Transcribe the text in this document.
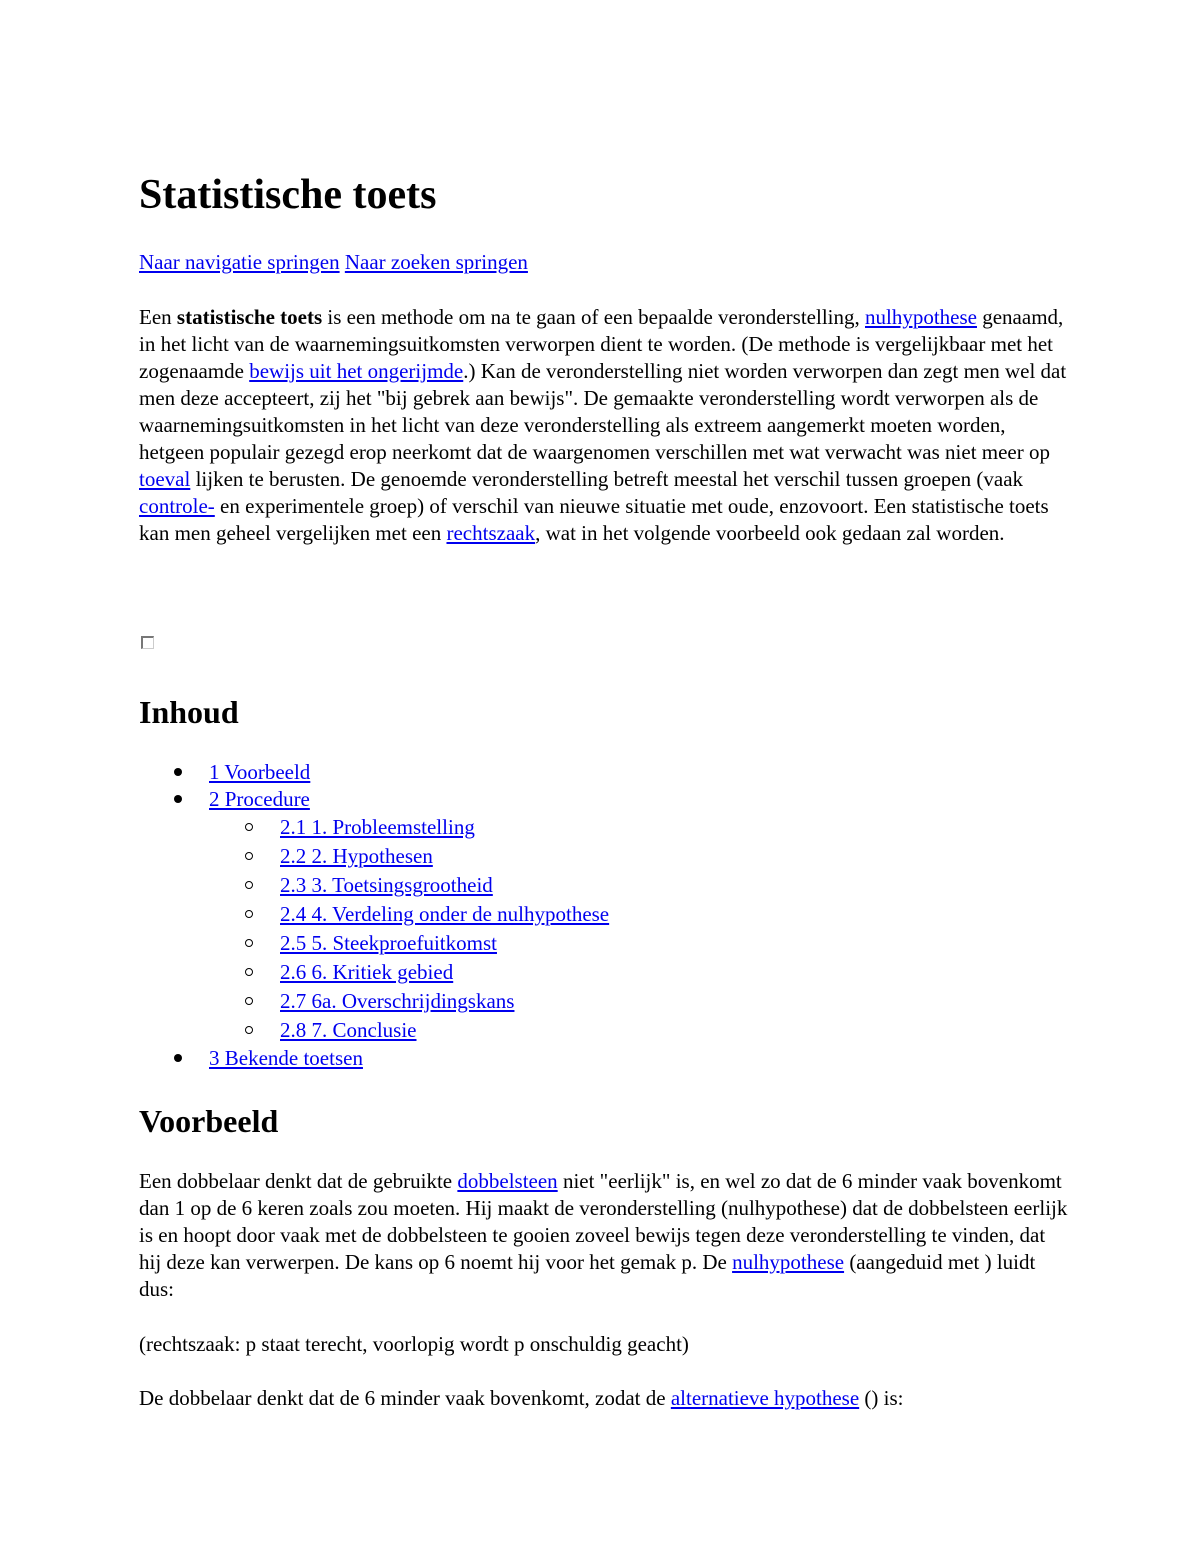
Statistische toets

Naar navigatie springen Naar zoeken springen

Een statistische toets is een methode om na te gaan of een bepaalde veronderstelling, nulhypothese genaamd, in het licht van de waarnemingsuitkomsten verworpen dient te worden. (De methode is vergelijkbaar met het zogenaamde bewijs uit het ongerijmde.) Kan de veronderstelling niet worden verworpen dan zegt men wel dat men deze accepteert, zij het "bij gebrek aan bewijs". De gemaakte veronderstelling wordt verworpen als de waarnemingsuitkomsten in het licht van deze veronderstelling als extreem aangemerkt moeten worden, hetgeen populair gezegd erop neerkomt dat de waargenomen verschillen met wat verwacht was niet meer op toeval lijken te berusten. De genoemde veronderstelling betreft meestal het verschil tussen groepen (vaak controle- en experimentele groep) of verschil van nieuwe situatie met oude, enzovoort. Een statistische toets kan men geheel vergelijken met een rechtszaak, wat in het volgende voorbeeld ook gedaan zal worden.

Inhoud
1 Voorbeeld
2 Procedure
2.1 1. Probleemstelling
2.2 2. Hypothesen
2.3 3. Toetsingsgrootheid
2.4 4. Verdeling onder de nulhypothese
2.5 5. Steekproefuitkomst
2.6 6. Kritiek gebied
2.7 6a. Overschrijdingskans
2.8 7. Conclusie
3 Bekende toetsen
Voorbeeld

Een dobbelaar denkt dat de gebruikte dobbelsteen niet "eerlijk" is, en wel zo dat de 6 minder vaak bovenkomt dan 1 op de 6 keren zoals zou moeten. Hij maakt de veronderstelling (nulhypothese) dat de dobbelsteen eerlijk is en hoopt door vaak met de dobbelsteen te gooien zoveel bewijs tegen deze veronderstelling te vinden, dat hij deze kan verwerpen. De kans op 6 noemt hij voor het gemak p. De nulhypothese (aangeduid met ) luidt dus:

(rechtszaak: p staat terecht, voorlopig wordt p onschuldig geacht)

De dobbelaar denkt dat de 6 minder vaak bovenkomt, zodat de alternatieve hypothese () is:
